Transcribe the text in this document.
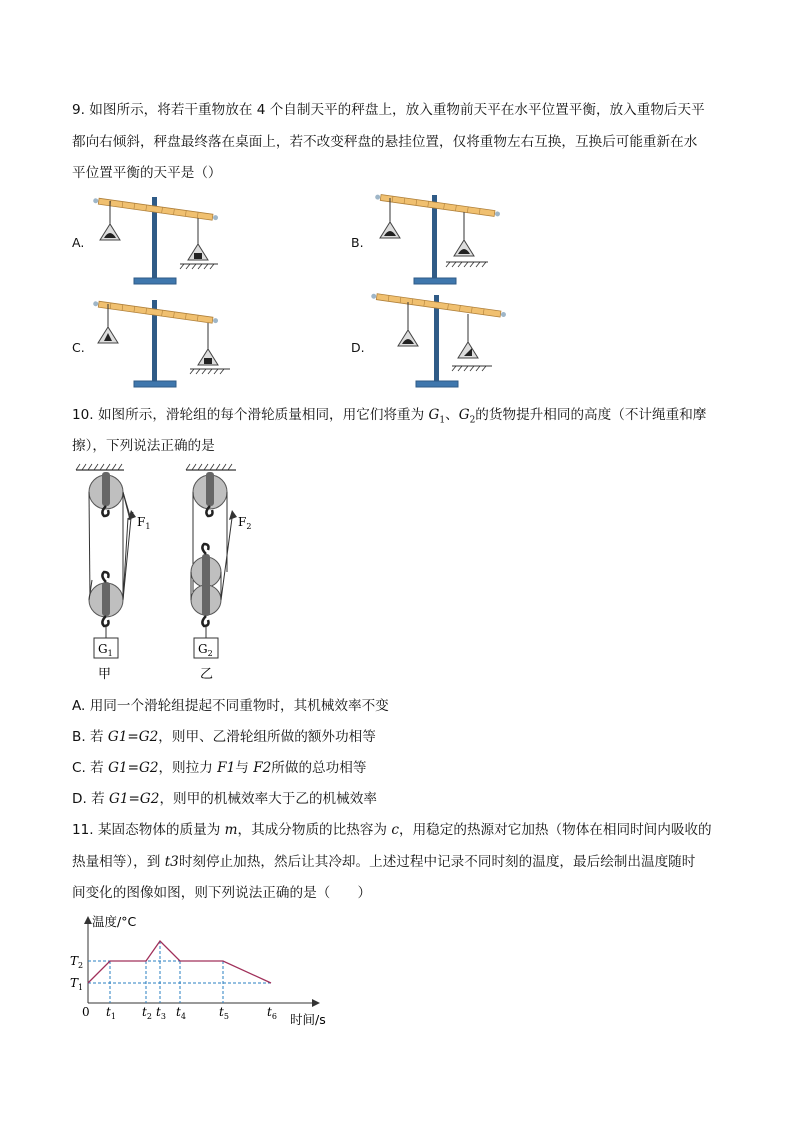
9. 如图所示，将若干重物放在 4 个自制天平的秤盘上，放入重物前天平在水平位置平衡，放入重物后天平
都向右倾斜，秤盘最终落在桌面上，若不改变秤盘的悬挂位置，仅将重物左右互换，互换后可能重新在水
平位置平衡的天平是（）
A.	B.
C.	D.
10. 如图所示，滑轮组的每个滑轮质量相同，用它们将重为 $G_1$、$G_2$的货物提升相同的高度（不计绳重和摩
擦），下列说法正确的是
$F_1$
$G_1$
甲
$F_2$
$G_2$
乙
A. 用同一个滑轮组提起不同重物时，其机械效率不变
B. 若 G1=G2，则甲、乙滑轮组所做的额外功相等
C. 若 G1=G2，则拉力 F1与 F2所做的总功相等
D. 若 G1=G2，则甲的机械效率大于乙的机械效率
11. 某固态物体的质量为 m，其成分物质的比热容为 c，用稳定的热源对它加热（物体在相同时间内吸收的
热量相等），到 t3时刻停止加热，然后让其冷却。上述过程中记录不同时刻的温度，最后绘制出温度随时
间变化的图像如图，则下列说法正确的是（　　）
温度/°C
时间/s
0 $t_1$ $t_2$ $t_3$ $t_4$	$t_5$	$t_6$
$T_1$
$T_2$
